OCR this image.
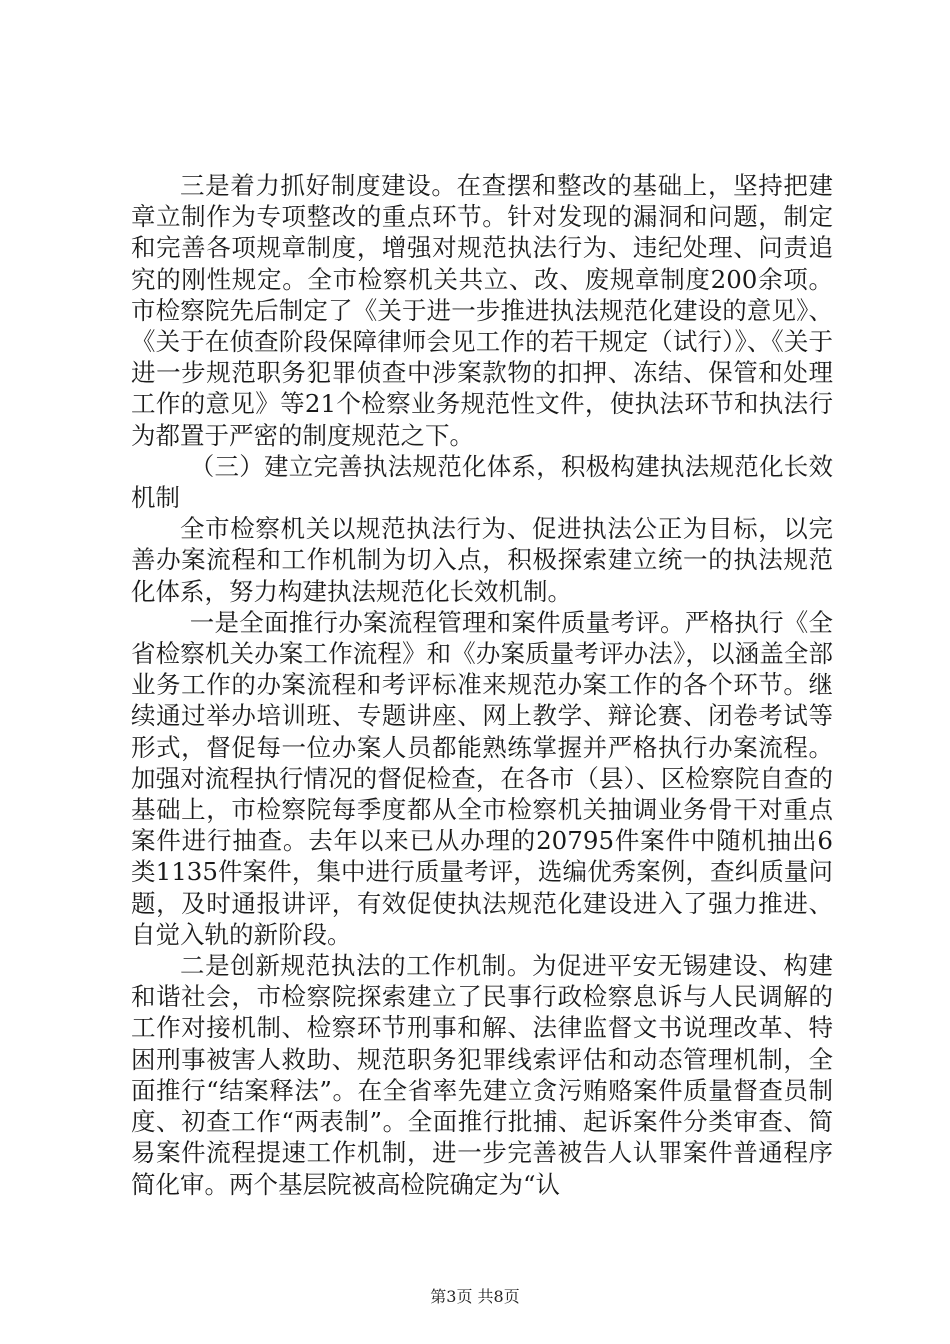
三是着力抓好制度建设。在查摆和整改的基础上，坚持把建章立制作为专项整改的重点环节。针对发现的漏洞和问题，制定和完善各项规章制度，增强对规范执法行为、违纪处理、问责追究的刚性规定。全市检察机关共立、改、废规章制度200余项。市检察院先后制定了《关于进一步推进执法规范化建设的意见》、《关于在侦查阶段保障律师会见工作的若干规定（试行）》、《关于进一步规范职务犯罪侦查中涉案款物的扣押、冻结、保管和处理工作的意见》等21个检察业务规范性文件，使执法环节和执法行为都置于严密的制度规范之下。

（三）建立完善执法规范化体系，积极构建执法规范化长效机制

全市检察机关以规范执法行为、促进执法公正为目标，以完善办案流程和工作机制为切入点，积极探索建立统一的执法规范化体系，努力构建执法规范化长效机制。

一是全面推行办案流程管理和案件质量考评。严格执行《全省检察机关办案工作流程》和《办案质量考评办法》，以涵盖全部业务工作的办案流程和考评标准来规范办案工作的各个环节。继续通过举办培训班、专题讲座、网上教学、辩论赛、闭卷考试等形式，督促每一位办案人员都能熟练掌握并严格执行办案流程。加强对流程执行情况的督促检查，在各市（县）、区检察院自查的基础上，市检察院每季度都从全市检察机关抽调业务骨干对重点案件进行抽查。去年以来已从办理的20795件案件中随机抽出6类1135件案件，集中进行质量考评，选编优秀案例，查纠质量问题，及时通报讲评，有效促使执法规范化建设进入了强力推进、自觉入轨的新阶段。

二是创新规范执法的工作机制。为促进平安无锡建设、构建和谐社会，市检察院探索建立了民事行政检察息诉与人民调解的工作对接机制、检察环节刑事和解、法律监督文书说理改革、特困刑事被害人救助、规范职务犯罪线索评估和动态管理机制，全面推行“结案释法”。在全省率先建立贪污贿赂案件质量督查员制度、初查工作“两表制”。全面推行批捕、起诉案件分类审查、简易案件流程提速工作机制，进一步完善被告人认罪案件普通程序简化审。两个基层院被高检院确定为“认

第3页 共8页
